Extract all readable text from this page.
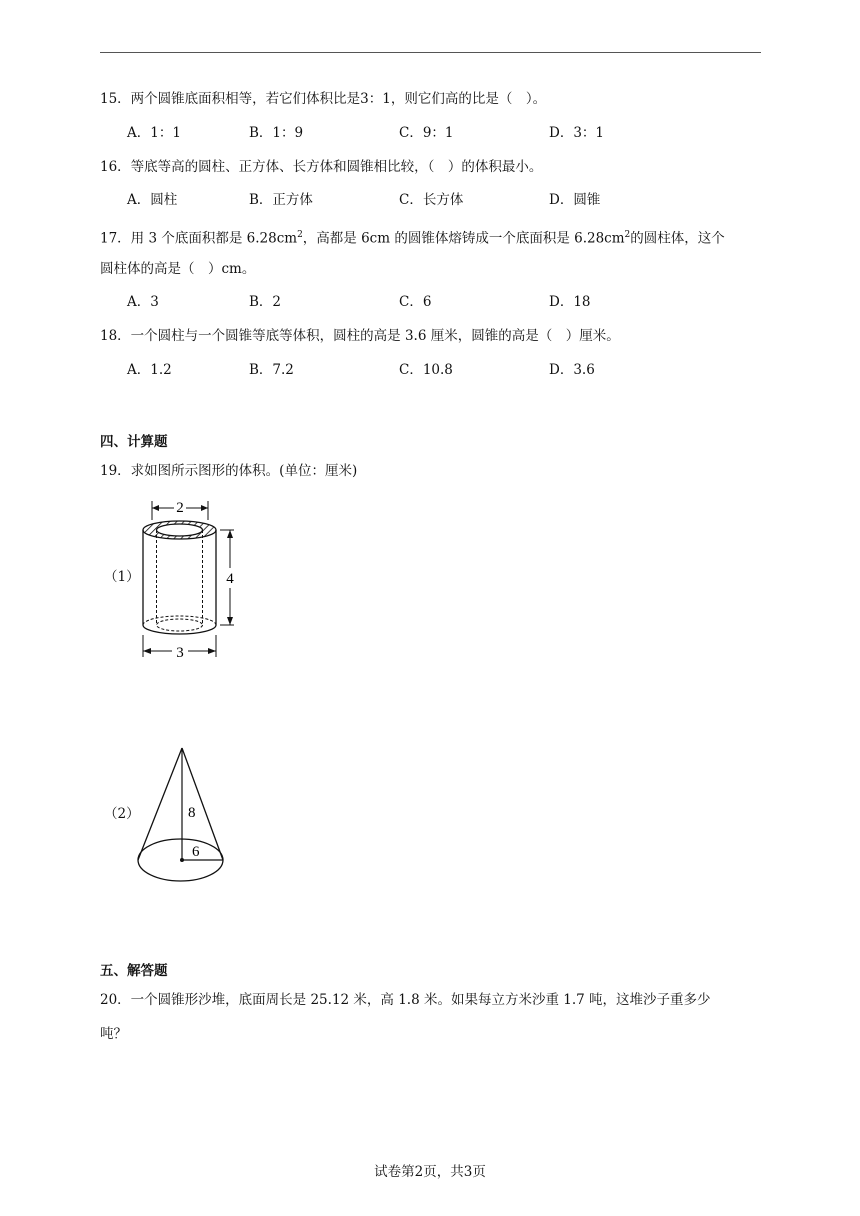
15．两个圆锥底面积相等，若它们体积比是3：1，则它们高的比是（　）。
A．1：1	B．1：9	C．9：1	D．3：1
16．等底等高的圆柱、正方体、长方体和圆锥相比较，（　）的体积最小。
A．圆柱	B．正方体	C．长方体	D．圆锥
17．用 3 个底面积都是 $6.28cm^2$，高都是 6cm 的圆锥体熔铸成一个底面积是 $6.28cm^2$的圆柱体，这个
圆柱体的高是（　）cm。
A．3	B．2	C．6	D．18
18．一个圆柱与一个圆锥等底等体积，圆柱的高是 3.6 厘米，圆锥的高是（　）厘米。
A．1.2	B．7.2	C．10.8	D．3.6
四、计算题
19．求如图所示图形的体积。(单位：厘米)
（1）
2
4
3
（2）	8
6
五、解答题
20．一个圆锥形沙堆，底面周长是 25.12 米，高 1.8 米。如果每立方米沙重 1.7 吨，这堆沙子重多少
吨？
试卷第2页，共3页
